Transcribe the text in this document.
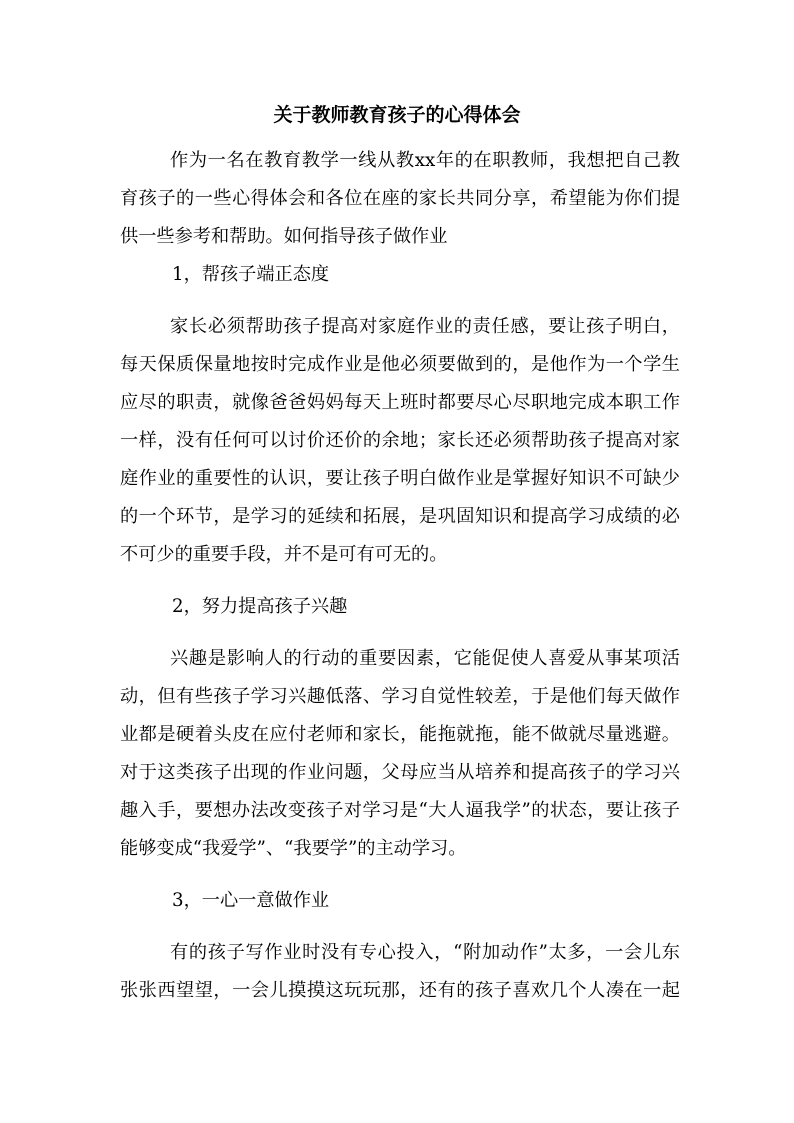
关于教师教育孩子的心得体会
作为一名在教育教学一线从教xx年的在职教师，我想把自己教
育孩子的一些心得体会和各位在座的家长共同分享，希望能为你们提
供一些参考和帮助。如何指导孩子做作业
1，帮孩子端正态度
家长必须帮助孩子提高对家庭作业的责任感，要让孩子明白，
每天保质保量地按时完成作业是他必须要做到的，是他作为一个学生
应尽的职责，就像爸爸妈妈每天上班时都要尽心尽职地完成本职工作
一样，没有任何可以讨价还价的余地；家长还必须帮助孩子提高对家
庭作业的重要性的认识，要让孩子明白做作业是掌握好知识不可缺少
的一个环节，是学习的延续和拓展，是巩固知识和提高学习成绩的必
不可少的重要手段，并不是可有可无的。
2，努力提高孩子兴趣
兴趣是影响人的行动的重要因素，它能促使人喜爱从事某项活
动，但有些孩子学习兴趣低落、学习自觉性较差，于是他们每天做作
业都是硬着头皮在应付老师和家长，能拖就拖，能不做就尽量逃避。
对于这类孩子出现的作业问题，父母应当从培养和提高孩子的学习兴
趣入手，要想办法改变孩子对学习是“大人逼我学”的状态，要让孩子
能够变成“我爱学”、“我要学”的主动学习。
3，一心一意做作业
有的孩子写作业时没有专心投入，“附加动作”太多，一会儿东
张张西望望，一会儿摸摸这玩玩那，还有的孩子喜欢几个人凑在一起
